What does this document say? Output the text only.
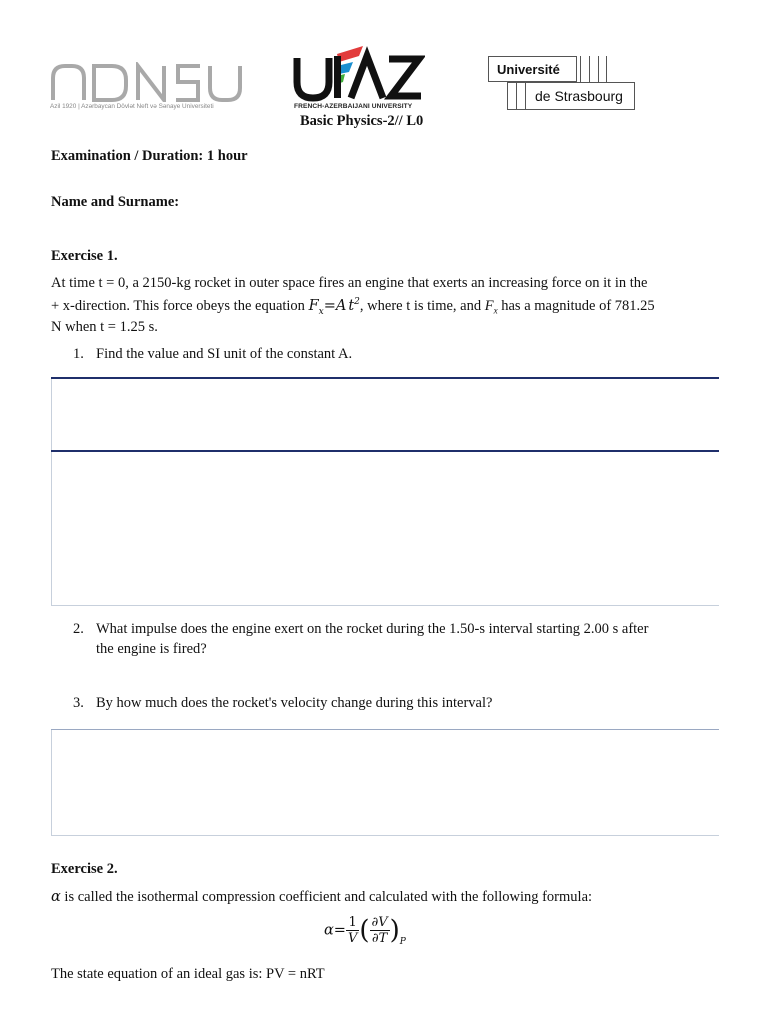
Azil 1920 | Azərbaycan Dövlət Neft və Sənaye Universiteti	FRENCH-AZERBAIJANI UNIVERSITY
Université
de Strasbourg
Basic Physics-2// L0
Examination / Duration: 1 hour
Name and Surname:
Exercise 1.
At time t = 0, a 2150-kg rocket in outer space fires an engine that exerts an increasing force on it in the
+ x-direction. This force obeys the equation $F_x=A$ $t^2$, where t is time, and $F_x$ has a magnitude of 781.25
N when t = 1.25 s.
1. Find the value and SI unit of the constant A.
2. What impulse does the engine exert on the rocket during the 1.50-s interval starting 2.00 s after
the engine is fired?
3. By how much does the rocket's velocity change during this interval?
Exercise 2.
α is called the isothermal compression coefficient and calculated with the following formula:
$\alpha= \frac{1}{V}$ ( $\frac{\partial V}{\partial T} )_P$
The state equation of an ideal gas is: PV = nRT
